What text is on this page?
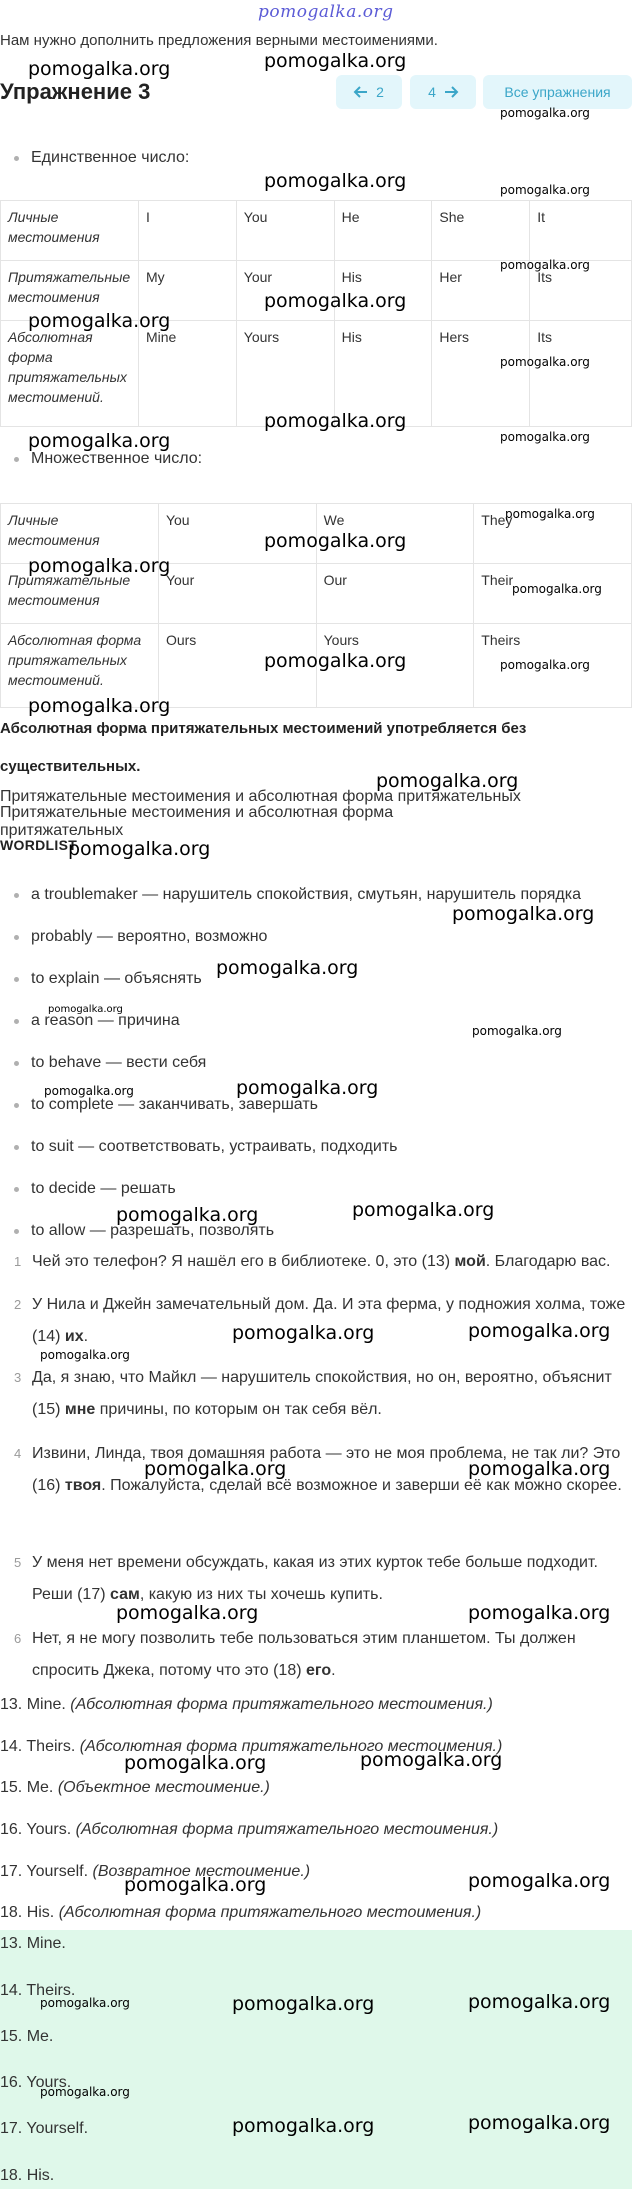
pomogalka.org
Нам нужно дополнить предложения верными местоимениями.
Упражнение 3	2	4	Все упражнения
Единственное число:
Личные местоимения	I	You	He	She	It
Притяжательные местоимения	My	Your	His	Her	Its
Абсолютная форма притяжательных местоимений.	Mine	Yours	His	Hers	Its
Множественное число:
Личные местоимения	You	We	They
Притяжательные местоимения	Your	Our	Their
Абсолютная форма притяжательных местоимений.	Ours	Yours	Theirs
Абсолютная форма притяжательных местоимений употребляется без существительных.
Притяжательные местоимения и абсолютная форма притяжательных
Притяжательные местоимения и абсолютная форма притяжательных
WORDLIST
a troublemaker — нарушитель спокойствия, смутьян, нарушитель порядка
probably — вероятно, возможно
to explain — объяснять
a reason — причина
to behave — вести себя
to complete — заканчивать, завершать
to suit — соответствовать, устраивать, подходить
to decide — решать
to allow — разрешать, позволять
1 Чей это телефон? Я нашёл его в библиотеке. 0, это (13) мой. Благодарю вас.
2 У Нила и Джейн замечательный дом. Да. И эта ферма, у подножия холма, тоже (14) их.
3 Да, я знаю, что Майкл — нарушитель спокойствия, но он, вероятно, объяснит (15) мне причины, по которым он так себя вёл.
4 Извини, Линда, твоя домашняя работа — это не моя проблема, не так ли? Это (16) твоя. Пожалуйста, сделай всё возможное и заверши её как можно скорее.
5 У меня нет времени обсуждать, какая из этих курток тебе больше подходит. Реши (17) сам, какую из них ты хочешь купить.
6 Нет, я не могу позволить тебе пользоваться этим планшетом. Ты должен спросить Джека, потому что это (18) его.
13. Mine. (Абсолютная форма притяжательного местоимения.)
14. Theirs. (Абсолютная форма притяжательного местоимения.)
15. Me. (Объектное местоимение.)
16. Yours. (Абсолютная форма притяжательного местоимения.)
17. Yourself. (Возвратное местоимение.)
18. His. (Абсолютная форма притяжательного местоимения.)
13. Mine.
14. Theirs.
15. Me.
16. Yours.
17. Yourself.
18. His.
pomogalka.org
pomogalka.org
pomogalka.org
pomogalka.org	pomogalka.org
pomogalka.org
pomogalka.org
pomogalka.org
pomogalka.org
pomogalka.org
pomogalka.org
pomogalka.org
pomogalka.org
pomogalka.org
pomogalka.org
pomogalka.org
pomogalka.org	pomogalka.org
pomogalka.org
pomogalka.org
pomogalka.org
pomogalka.org
pomogalka.org
pomogalka.org
pomogalka.org
pomogalka.org
pomogalka.org
pomogalka.org
pomogalka.org
pomogalka.org
pomogalka.org
pomogalka.org
pomogalka.org	pomogalka.org
pomogalka.org	pomogalka.org
pomogalka.org	pomogalka.org
pomogalka.org
pomogalka.org
pomogalka.org	pomogalka.org	pomogalka.org
pomogalka.org
pomogalka.org	pomogalka.org
